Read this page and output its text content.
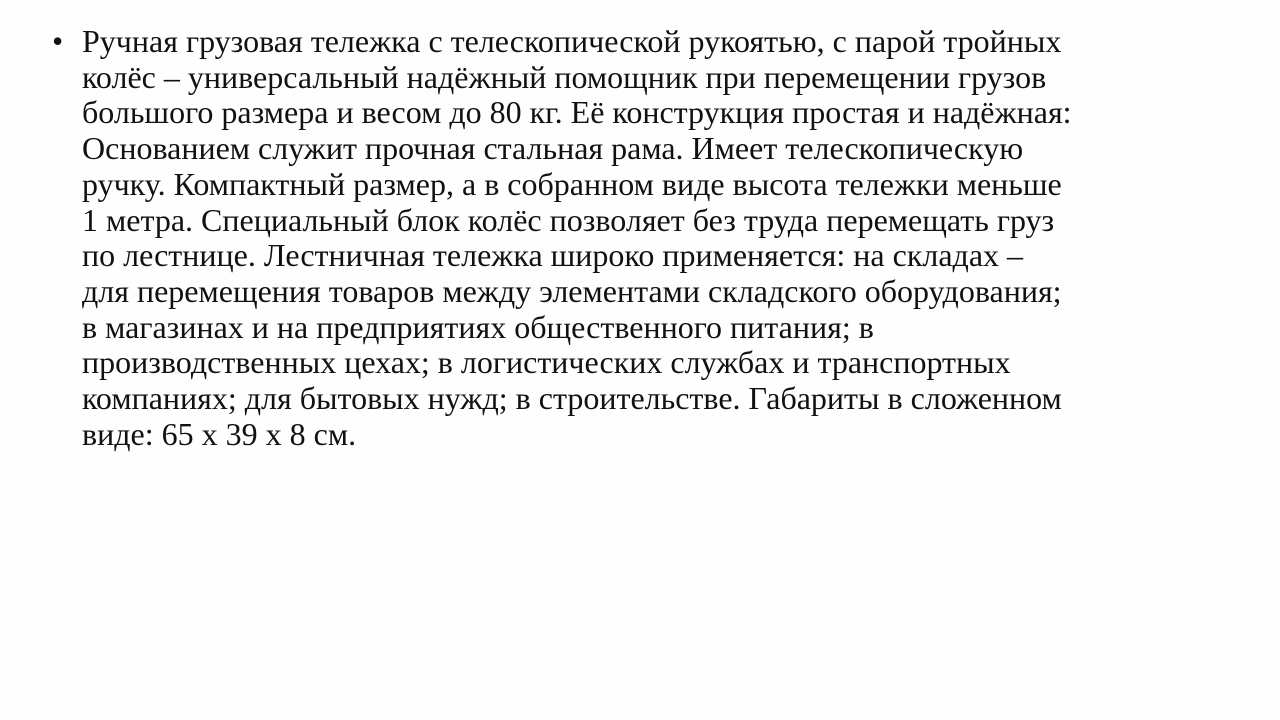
• Ручная грузовая тележка с телескопической рукоятью, с парой тройных
колёс – универсальный надёжный помощник при перемещении грузов
большого размера и весом до 80 кг. Её конструкция простая и надёжная:
Основанием служит прочная стальная рама. Имеет телескопическую
ручку. Компактный размер, а в собранном виде высота тележки меньше
1 метра. Специальный блок колёс позволяет без труда перемещать груз
по лестнице. Лестничная тележка широко применяется: на складах –
для перемещения товаров между элементами складского оборудования;
в магазинах и на предприятиях общественного питания; в
производственных цехах; в логистических службах и транспортных
компаниях; для бытовых нужд; в строительстве. Габариты в сложенном
виде: 65 х 39 х 8 см.
